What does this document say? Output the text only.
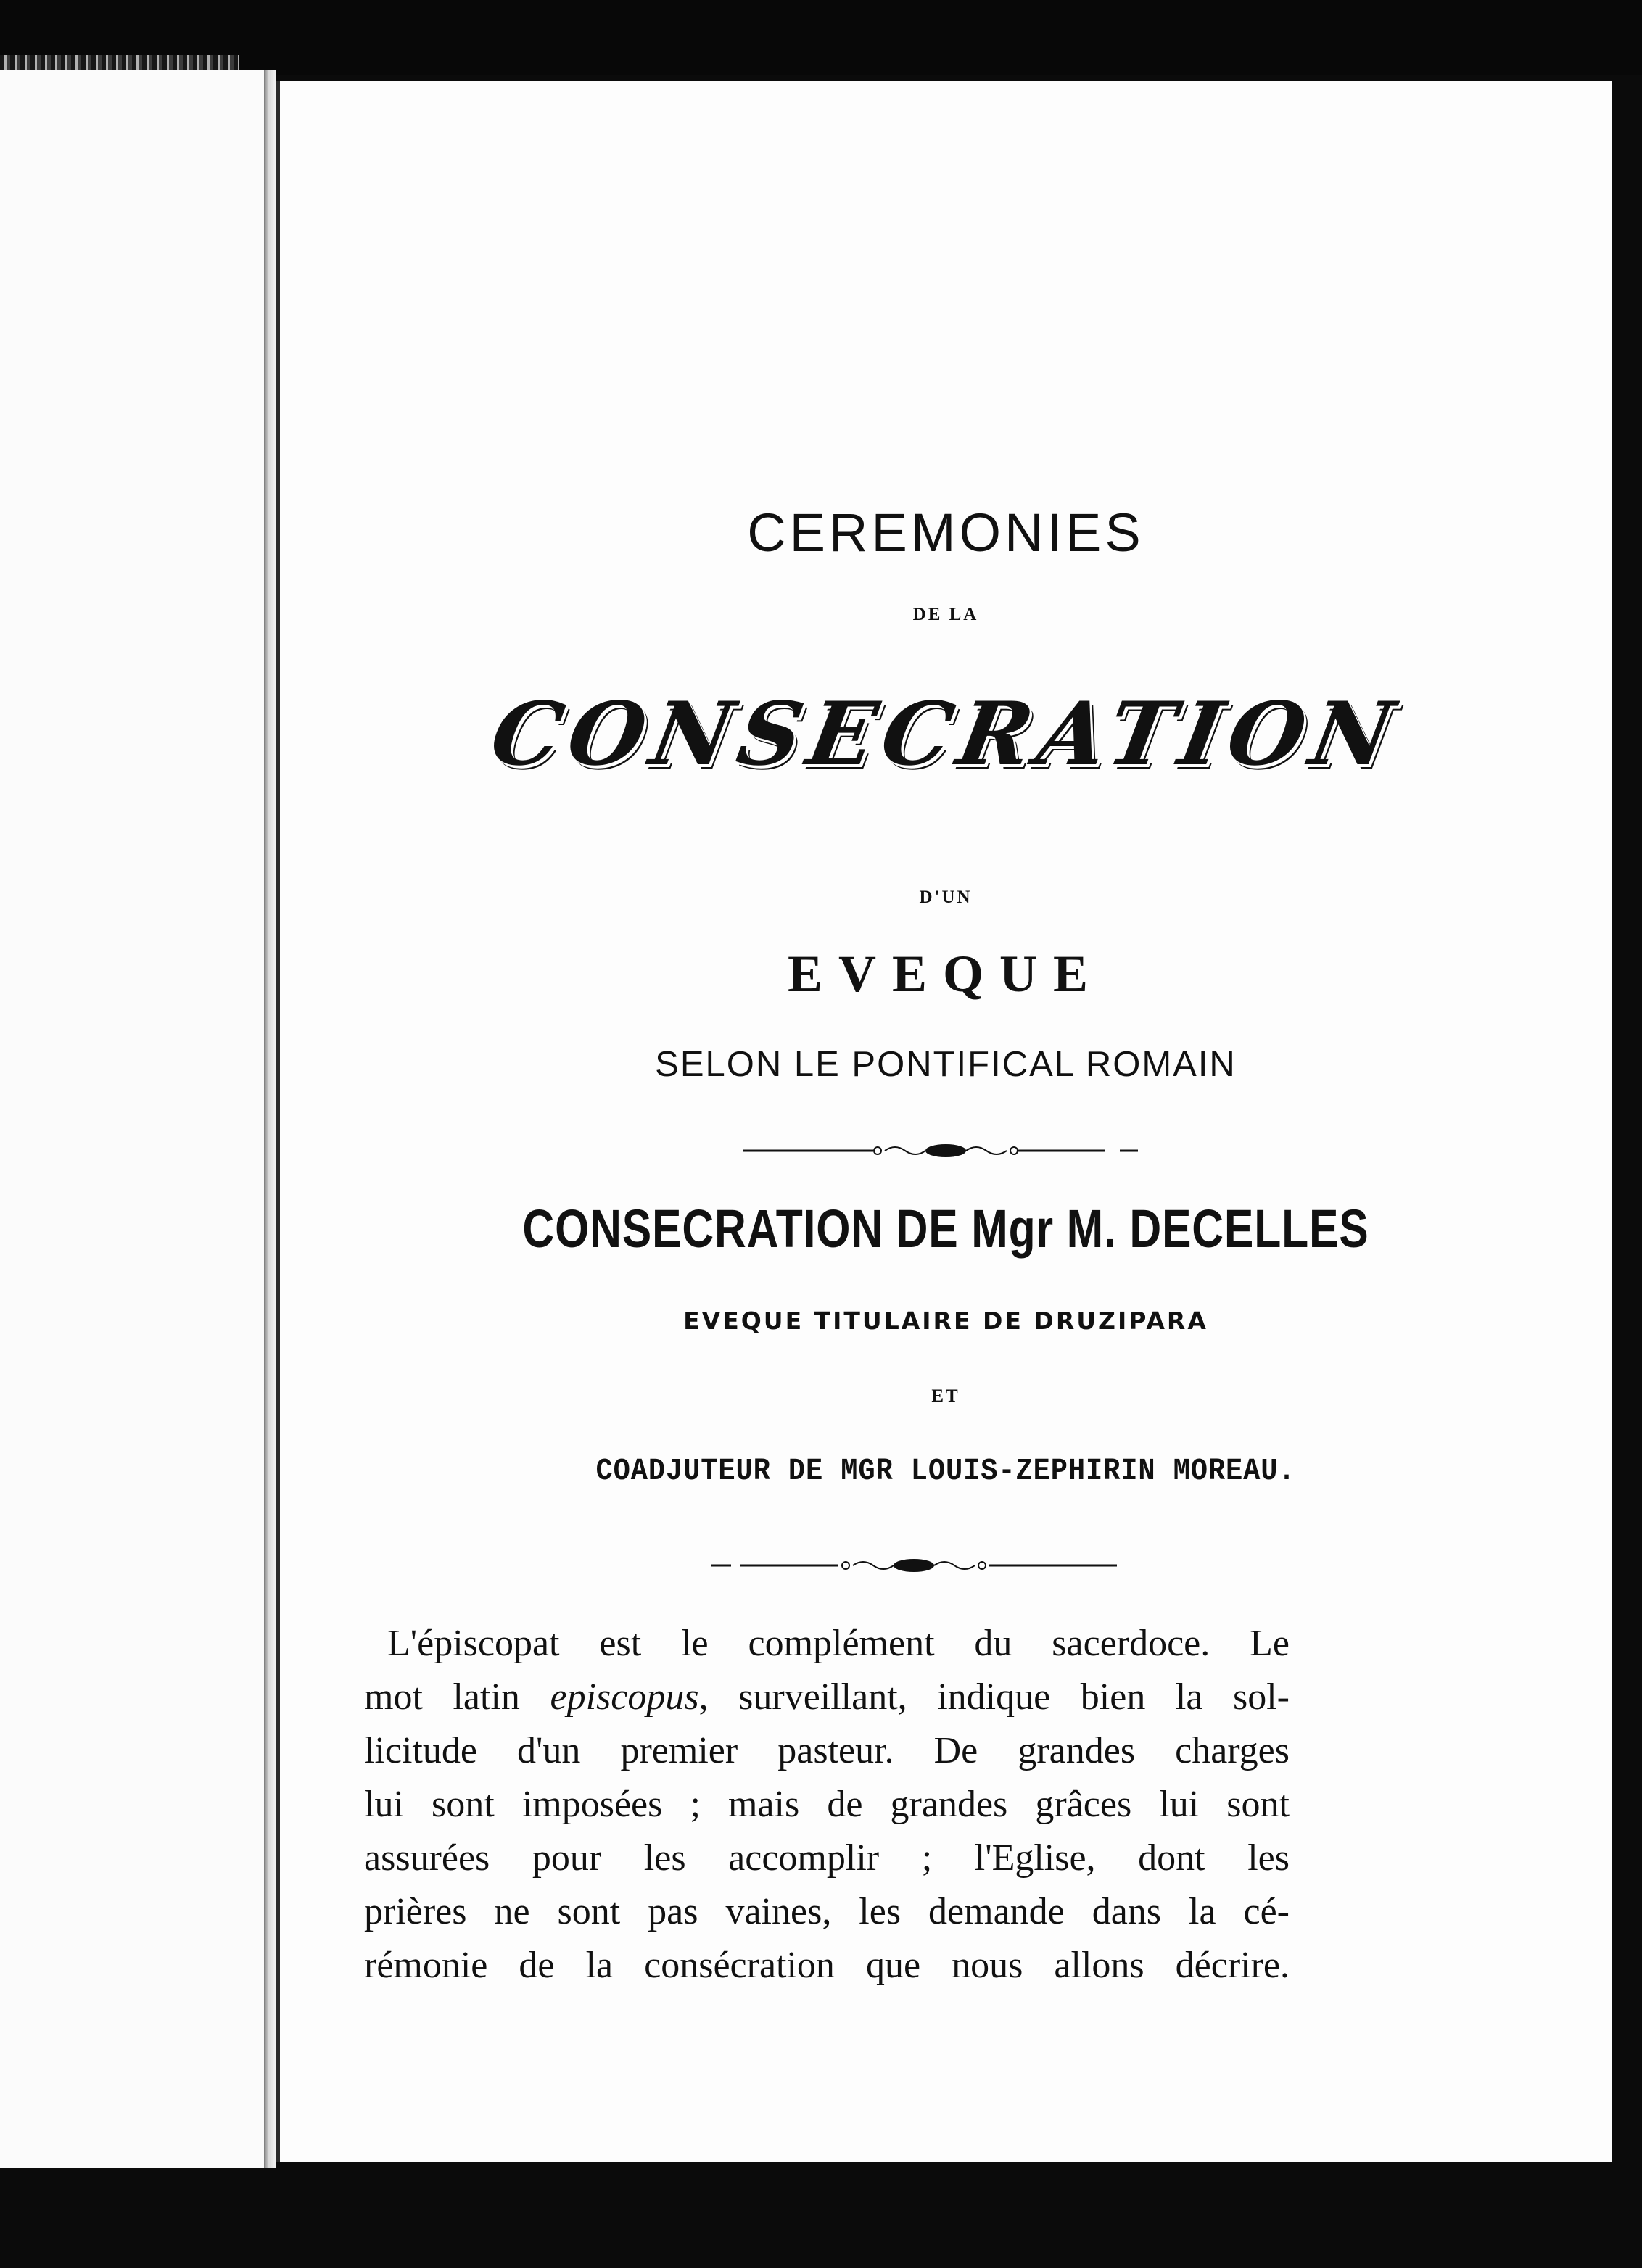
CEREMONIES
DE LA
CONSECRATION
D'UN
EVEQUE
SELON LE PONTIFICAL ROMAIN
CONSECRATION DE Mgr M. DECELLES
EVEQUE TITULAIRE DE DRUZIPARA
ET
COADJUTEUR DE MGR LOUIS-ZEPHIRIN MOREAU.
L'épiscopat est le complément du sacerdoce. Le
mot latin episcopus, surveillant, indique bien la sol-
licitude d'un premier pasteur. De grandes charges
lui sont imposées ; mais de grandes grâces lui sont
assurées pour les accomplir ; l'Eglise, dont les
prières ne sont pas vaines, les demande dans la cé-
rémonie de la consécration que nous allons décrire.
